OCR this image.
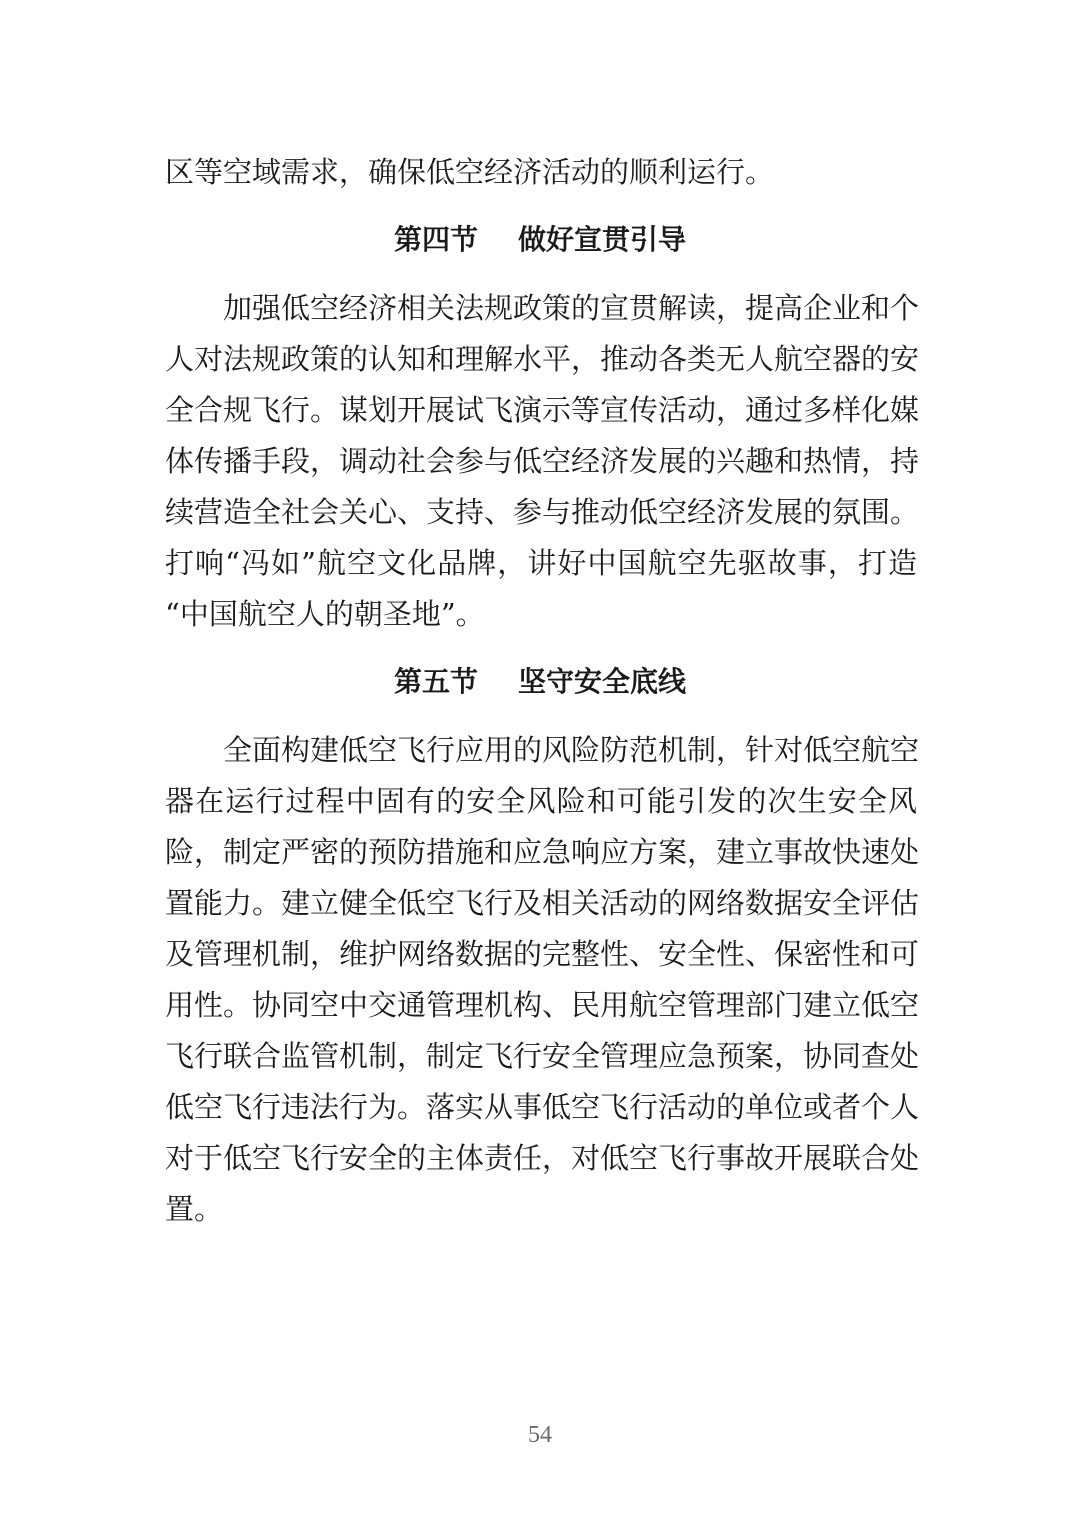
区等空域需求，确保低空经济活动的顺利运行。
第四节 做好宣贯引导
加强低空经济相关法规政策的宣贯解读，提高企业和个
人对法规政策的认知和理解水平，推动各类无人航空器的安
全合规飞行。谋划开展试飞演示等宣传活动，通过多样化媒
体传播手段，调动社会参与低空经济发展的兴趣和热情，持
续营造全社会关心、支持、参与推动低空经济发展的氛围。
打响“冯如”航空文化品牌，讲好中国航空先驱故事，打造
“中国航空人的朝圣地”。
第五节 坚守安全底线
全面构建低空飞行应用的风险防范机制，针对低空航空
器在运行过程中固有的安全风险和可能引发的次生安全风
险，制定严密的预防措施和应急响应方案，建立事故快速处
置能力。建立健全低空飞行及相关活动的网络数据安全评估
及管理机制，维护网络数据的完整性、安全性、保密性和可
用性。协同空中交通管理机构、民用航空管理部门建立低空
飞行联合监管机制，制定飞行安全管理应急预案，协同查处
低空飞行违法行为。落实从事低空飞行活动的单位或者个人
对于低空飞行安全的主体责任，对低空飞行事故开展联合处
置。
54
